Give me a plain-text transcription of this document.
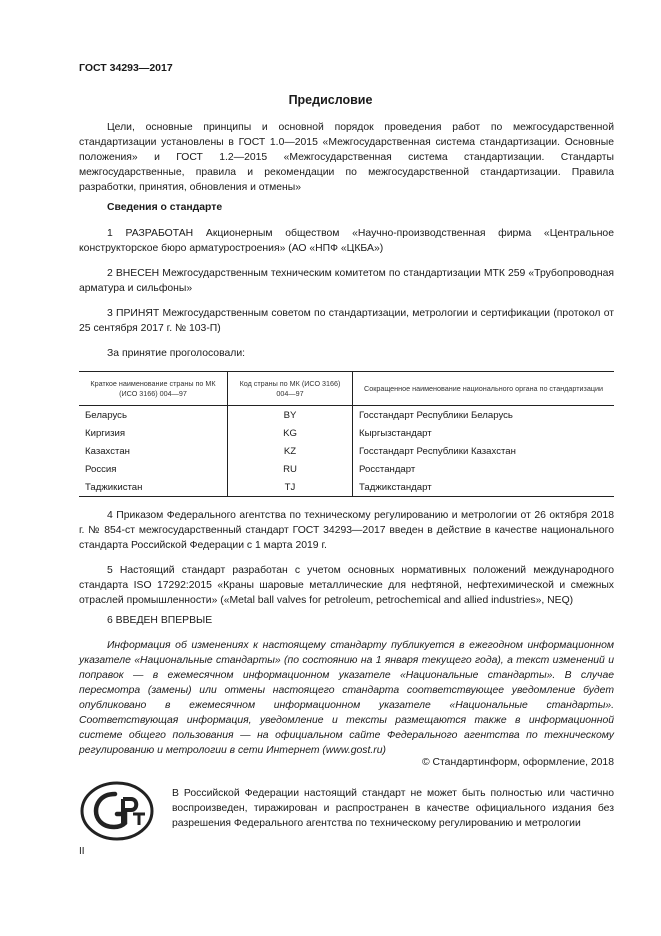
ГОСТ 34293—2017
Предисловие

Цели, основные принципы и основной порядок проведения работ по межгосударственной стандартизации установлены в ГОСТ 1.0—2015 «Межгосударственная система стандартизации. Основные положения» и ГОСТ 1.2—2015 «Межгосударственная система стандартизации. Стандарты межгосударственные, правила и рекомендации по межгосударственной стандартизации. Правила разработки, принятия, обновления и отмены»

Сведения о стандарте

1 РАЗРАБОТАН Акционерным обществом «Научно-производственная фирма «Центральное конструкторское бюро арматуростроения» (АО «НПФ «ЦКБА»)

2 ВНЕСЕН Межгосударственным техническим комитетом по стандартизации МТК 259 «Трубопроводная арматура и сильфоны»

3 ПРИНЯТ Межгосударственным советом по стандартизации, метрологии и сертификации (протокол от 25 сентября 2017 г. № 103-П)

За принятие проголосовали:

Краткое наименование страны по МК (ИСО 3166) 004—97	Код страны по МК (ИСО 3166) 004—97	Сокращенное наименование национального органа по стандартизации
Беларусь	BY	Госстандарт Республики Беларусь
Киргизия	KG	Кыргызстандарт
Казахстан	KZ	Госстандарт Республики Казахстан
Россия	RU	Росстандарт
Таджикистан	TJ	Таджикстандарт

4 Приказом Федерального агентства по техническому регулированию и метрологии от 26 октября 2018 г. № 854-ст межгосударственный стандарт ГОСТ 34293—2017 введен в действие в качестве национального стандарта Российской Федерации с 1 марта 2019 г.

5 Настоящий стандарт разработан с учетом основных нормативных положений международного стандарта ISO 17292:2015 «Краны шаровые металлические для нефтяной, нефтехимической и смежных отраслей промышленности» («Metal ball valves for petroleum, petrochemical and allied industries», NEQ)

6 ВВЕДЕН ВПЕРВЫЕ

Информация об изменениях к настоящему стандарту публикуется в ежегодном информационном указателе «Национальные стандарты» (по состоянию на 1 января текущего года), а текст изменений и поправок — в ежемесячном информационном указателе «Национальные стандарты». В случае пересмотра (замены) или отмены настоящего стандарта соответствующее уведомление будет опубликовано в ежемесячном информационном указателе «Национальные стандарты». Соответствующая информация, уведомление и тексты размещаются также в информационной системе общего пользования — на официальном сайте Федерального агентства по техническому регулированию и метрологии в сети Интернет (www.gost.ru)

© Стандартинформ, оформление, 2018

В Российской Федерации настоящий стандарт не может быть полностью или частично воспроизведен, тиражирован и распространен в качестве официального издания без разрешения Федерального агентства по техническому регулированию и метрологии

II
